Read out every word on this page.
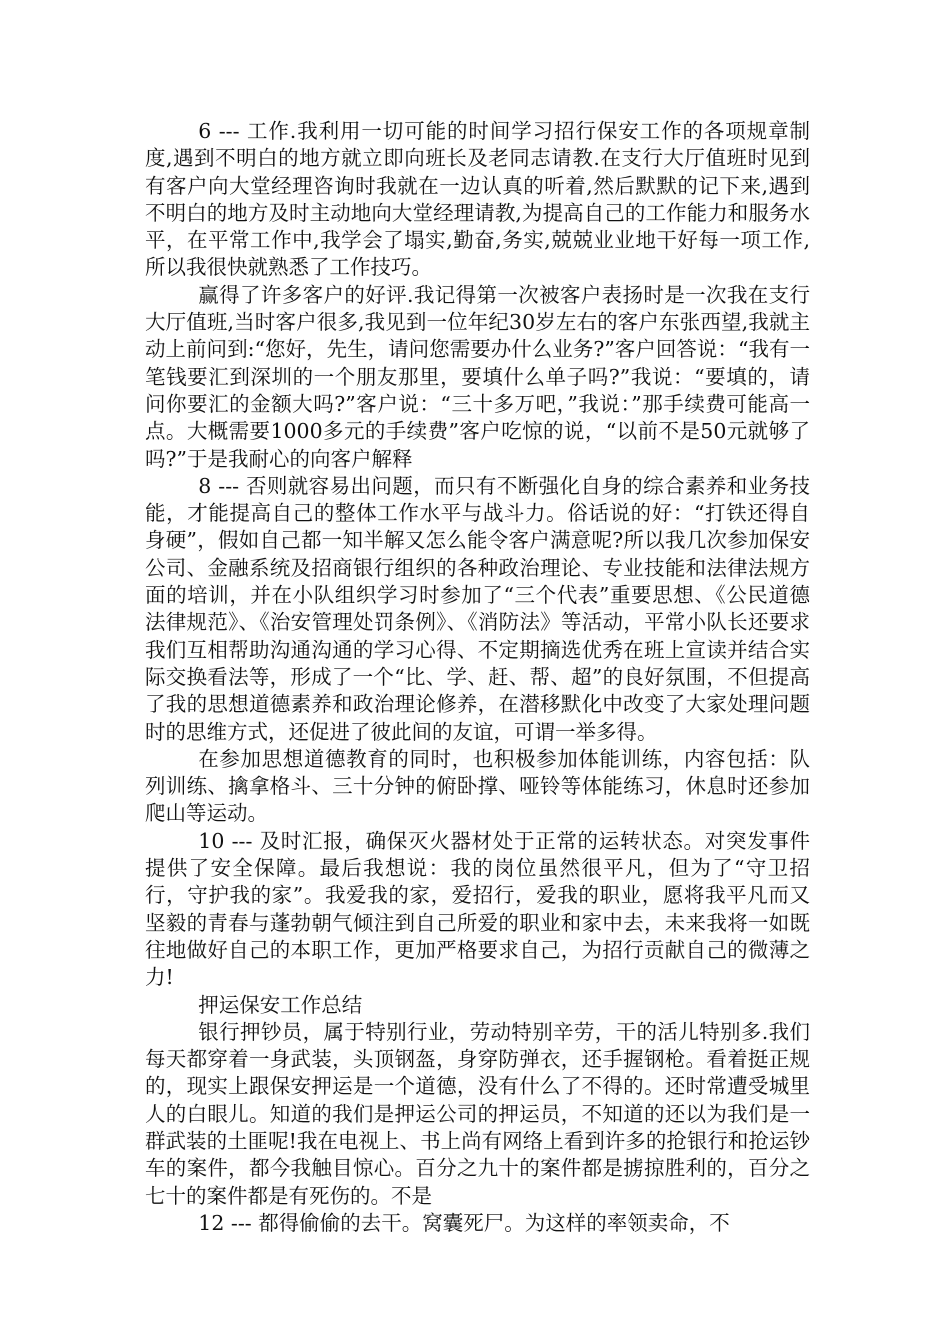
6 --- 工作.我利用一切可能的时间学习招行保安工作的各项规章制度,遇到不明白的地方就立即向班长及老同志请教.在支行大厅值班时见到有客户向大堂经理咨询时我就在一边认真的听着,然后默默的记下来,遇到不明白的地方及时主动地向大堂经理请教,为提高自己的工作能力和服务水平，在平常工作中,我学会了塌实,勤奋,务实,兢兢业业地干好每一项工作,所以我很快就熟悉了工作技巧。

赢得了许多客户的好评.我记得第一次被客户表扬时是一次我在支行大厅值班,当时客户很多,我见到一位年纪30岁左右的客户东张西望,我就主动上前问到:“您好，先生，请问您需要办什么业务?”客户回答说：“我有一笔钱要汇到深圳的一个朋友那里，要填什么单子吗?”我说：“要填的，请问你要汇的金额大吗?”客户说：“三十多万吧，”我说：”那手续费可能高一点。大概需要1000多元的手续费”客户吃惊的说，“以前不是50元就够了吗?”于是我耐心的向客户解释

8 --- 否则就容易出问题，而只有不断强化自身的综合素养和业务技能，才能提高自己的整体工作水平与战斗力。俗话说的好：“打铁还得自身硬”，假如自己都一知半解又怎么能令客户满意呢?所以我几次参加保安公司、金融系统及招商银行组织的各种政治理论、专业技能和法律法规方面的培训，并在小队组织学习时参加了“三个代表”重要思想、《公民道德法律规范》、《治安管理处罚条例》、《消防法》等活动，平常小队长还要求我们互相帮助沟通沟通的学习心得、不定期摘选优秀在班上宣读并结合实际交换看法等，形成了一个“比、学、赶、帮、超”的良好氛围，不但提高了我的思想道德素养和政治理论修养，在潜移默化中改变了大家处理问题时的思维方式，还促进了彼此间的友谊，可谓一举多得。

在参加思想道德教育的同时，也积极参加体能训练，内容包括：队列训练、擒拿格斗、三十分钟的俯卧撑、哑铃等体能练习，休息时还参加爬山等运动。

10 --- 及时汇报，确保灭火器材处于正常的运转状态。对突发事件提供了安全保障。最后我想说：我的岗位虽然很平凡，但为了“守卫招行，守护我的家”。我爱我的家，爱招行，爱我的职业，愿将我平凡而又坚毅的青春与蓬勃朝气倾注到自己所爱的职业和家中去，未来我将一如既往地做好自己的本职工作，更加严格要求自己，为招行贡献自己的微薄之力!

押运保安工作总结

银行押钞员，属于特别行业，劳动特别辛劳，干的活儿特别多.我们每天都穿着一身武装，头顶钢盔，身穿防弹衣，还手握钢枪。看着挺正规的，现实上跟保安押运是一个道德，没有什么了不得的。还时常遭受城里人的白眼儿。知道的我们是押运公司的押运员，不知道的还以为我们是一群武装的土匪呢!我在电视上、书上尚有网络上看到许多的抢银行和抢运钞车的案件，都今我触目惊心。百分之九十的案件都是掳掠胜利的，百分之七十的案件都是有死伤的。不是

12 --- 都得偷偷的去干。窝囊死尸。为这样的率领卖命，不
